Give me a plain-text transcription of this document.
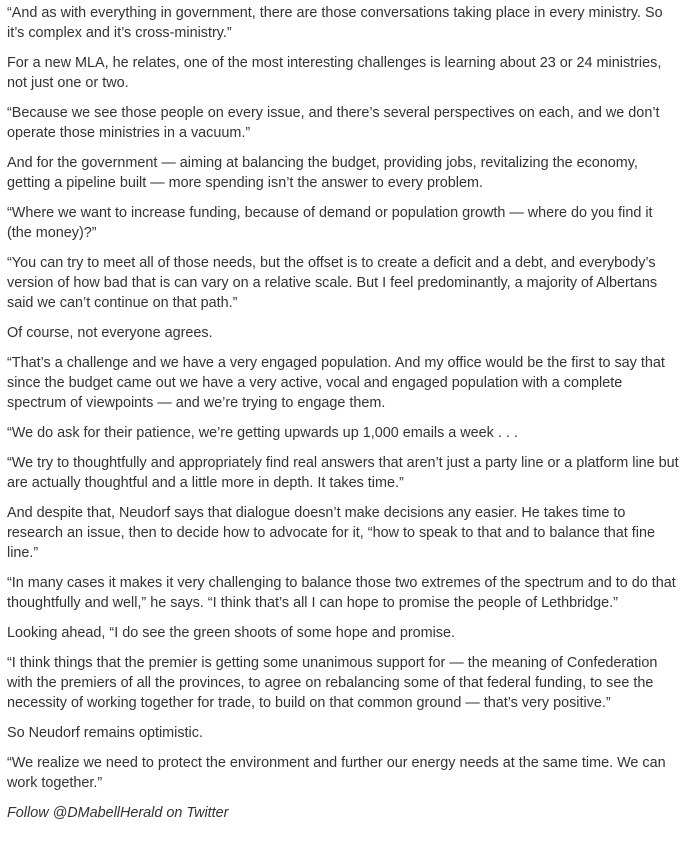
“And as with everything in government, there are those conversations taking place in every ministry. So it’s complex and it’s cross-ministry.”

For a new MLA, he relates, one of the most interesting challenges is learning about 23 or 24 ministries, not just one or two.

“Because we see those people on every issue, and there’s several perspectives on each, and we don’t operate those ministries in a vacuum.”

And for the government — aiming at balancing the budget, providing jobs, revitalizing the economy, getting a pipeline built — more spending isn’t the answer to every problem.

“Where we want to increase funding, because of demand or population growth — where do you find it (the money)?”

“You can try to meet all of those needs, but the offset is to create a deficit and a debt, and everybody’s version of how bad that is can vary on a relative scale. But I feel predominantly, a majority of Albertans said we can’t continue on that path.”

Of course, not everyone agrees.

“That’s a challenge and we have a very engaged population. And my office would be the first to say that since the budget came out we have a very active, vocal and engaged population with a complete spectrum of viewpoints — and we’re trying to engage them.

“We do ask for their patience, we’re getting upwards up 1,000 emails a week . . .

“We try to thoughtfully and appropriately find real answers that aren’t just a party line or a platform line but are actually thoughtful and a little more in depth. It takes time.”

And despite that, Neudorf says that dialogue doesn’t make decisions any easier. He takes time to research an issue, then to decide how to advocate for it, “how to speak to that and to balance that fine line.”

“In many cases it makes it very challenging to balance those two extremes of the spectrum and to do that thoughtfully and well,” he says. “I think that’s all I can hope to promise the people of Lethbridge.”

Looking ahead, “I do see the green shoots of some hope and promise.

“I think things that the premier is getting some unanimous support for — the meaning of Confederation with the premiers of all the provinces, to agree on rebalancing some of that federal funding, to see the necessity of working together for trade, to build on that common ground — that’s very positive.”

So Neudorf remains optimistic.

“We realize we need to protect the environment and further our energy needs at the same time. We can work together.”

Follow @DMabellHerald on Twitter
